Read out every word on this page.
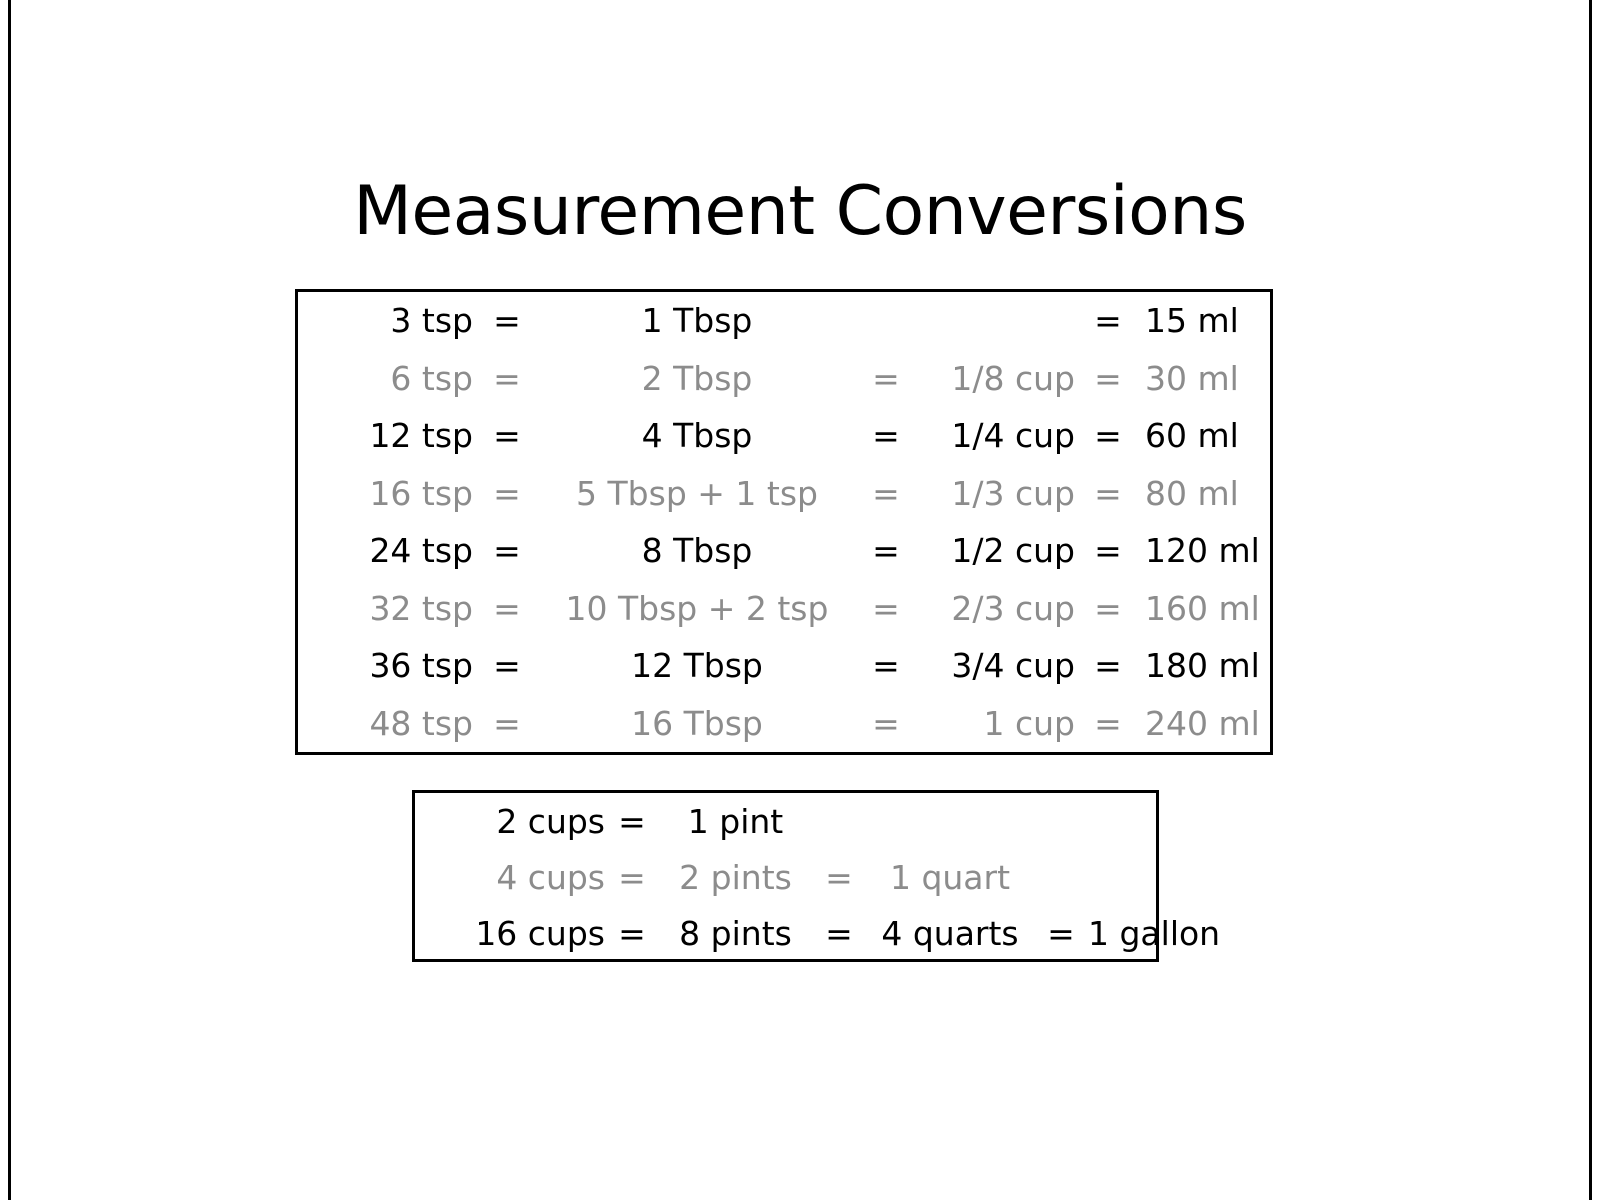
Measurement Conversions
3 tsp	=	1 Tbsp			=	15 ml
6 tsp	=	2 Tbsp	=	1/8 cup	=	30 ml
12 tsp	=	4 Tbsp	=	1/4 cup	=	60 ml
16 tsp	=	5 Tbsp + 1 tsp	=	1/3 cup	=	80 ml
24 tsp	=	8 Tbsp	=	1/2 cup	=	120 ml
32 tsp	=	10 Tbsp + 2 tsp	=	2/3 cup	=	160 ml
36 tsp	=	12 Tbsp	=	3/4 cup	=	180 ml
48 tsp	=	16 Tbsp	=	1 cup	=	240 ml
2 cups	=	1 pint				
4 cups	=	2 pints	=	1 quart		
16 cups	=	8 pints	=	4 quarts	=	1 gallon
